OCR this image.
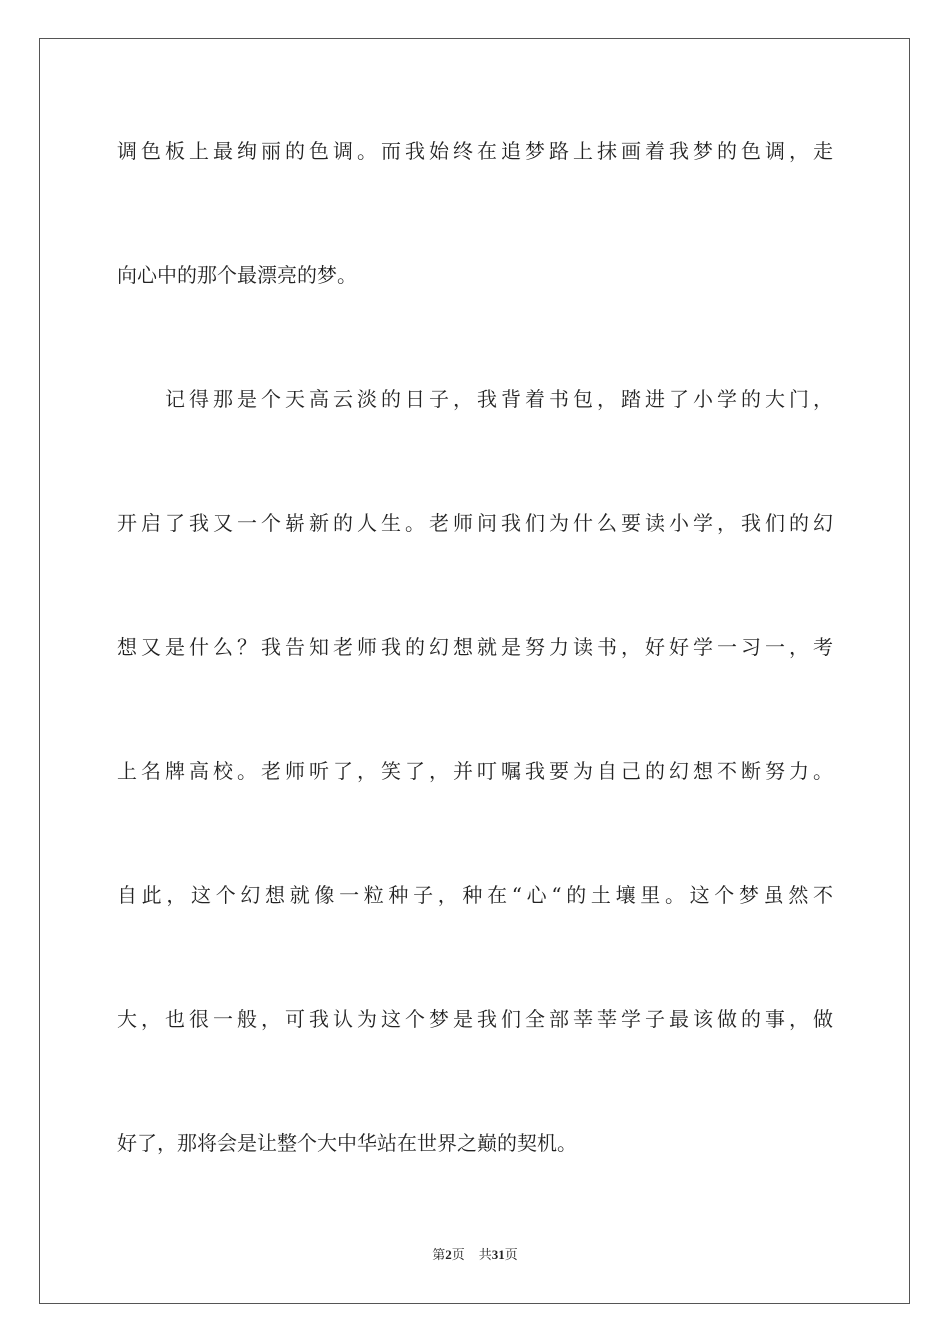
调色板上最绚丽的色调。而我始终在追梦路上抹画着我梦的色调，走
向心中的那个最漂亮的梦。
记得那是个天高云淡的日子，我背着书包，踏进了小学的大门，
开启了我又一个崭新的人生。老师问我们为什么要读小学，我们的幻
想又是什么？我告知老师我的幻想就是努力读书，好好学一习一，考
上名牌高校。老师听了，笑了，并叮嘱我要为自己的幻想不断努力。
自此，这个幻想就像一粒种子，种在“心“的土壤里。这个梦虽然不
大，也很一般，可我认为这个梦是我们全部莘莘学子最该做的事，做
好了，那将会是让整个大中华站在世界之巅的契机。
第2页 共31页
